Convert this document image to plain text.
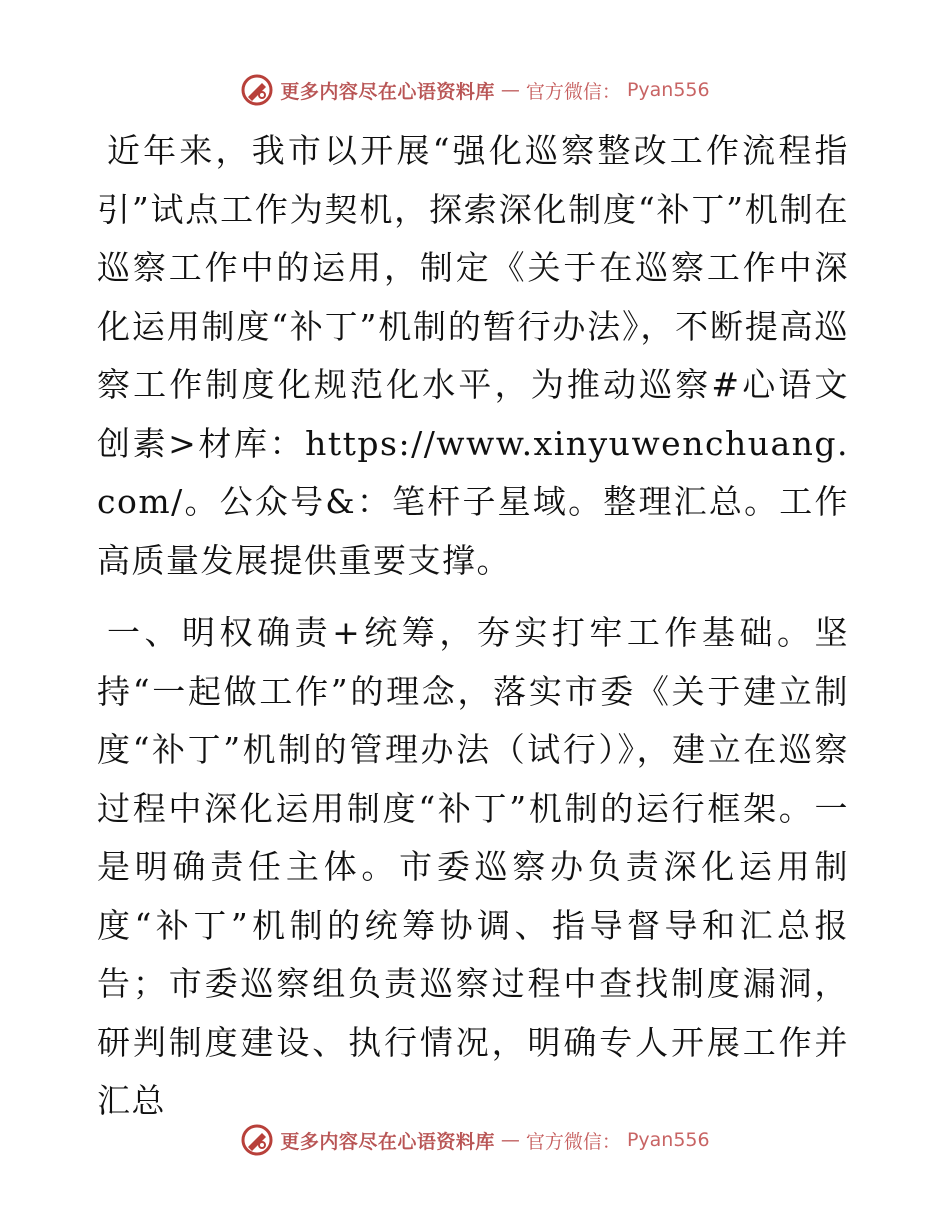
更多内容尽在心语资料库 — 官方微信： Pyan556

近年来，我市以开展“强化巡察整改工作流程指引”试点工作为契机，探索深化制度“补丁”机制在巡察工作中的运用，制定《关于在巡察工作中深化运用制度“补丁”机制的暂行办法》，不断提高巡察工作制度化规范化水平，为推动巡察#心语文创素>材库：https://www.xinyuwenchuang.com/。公众号&：笔杆子星域。整理汇总。工作高质量发展提供重要支撑。

一、明权确责+统筹，夯实打牢工作基础。坚持“一起做工作”的理念，落实市委《关于建立制度“补丁”机制的管理办法（试行）》，建立在巡察过程中深化运用制度“补丁”机制的运行框架。一是明确责任主体。市委巡察办负责深化运用制度“补丁”机制的统筹协调、指导督导和汇总报告；市委巡察组负责巡察过程中查找制度漏洞，研判制度建设、执行情况，明确专人开展工作并汇总

更多内容尽在心语资料库 — 官方微信： Pyan556
